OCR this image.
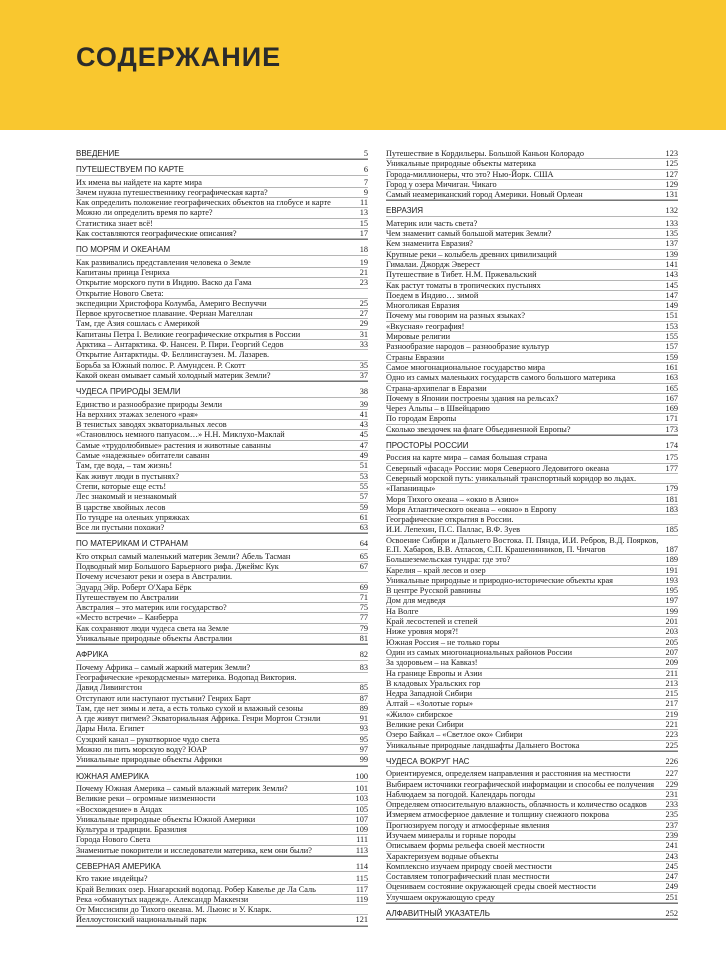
СОДЕРЖАНИЕ
ВВЕДЕНИЕ	5
ПУТЕШЕСТВУЕМ ПО КАРТЕ	6
Их имена вы найдете на карте мира	7
Зачем нужна путешественнику географическая карта?	9
Как определить положение географических объектов на глобусе и карте	11
Можно ли определить время по карте?	13
Статистика знает всё!	15
Как составляются географические описания?	17
ПО МОРЯМ И ОКЕАНАМ	18
Как развивались представления человека о Земле	19
Капитаны принца Генриха	21
Открытие морского пути в Индию. Васко да Гама	23
Открытие Нового Света:
экспедиции Христофора Колумба, Америго Веспуччи	25
Первое кругосветное плавание. Фернан Магеллан	27
Там, где Азия сошлась с Америкой	29
Капитаны Петра I. Великие географические открытия в России	31
Арктика – Антарктика. Ф. Нансен. Р. Пири. Георгий Седов	33
Открытие Антарктиды. Ф. Беллинсгаузен. М. Лазарев.
Борьба за Южный полюс. Р. Амундсен. Р. Скотт	35
Какой океан омывает самый холодный материк Земли?	37
ЧУДЕСА ПРИРОДЫ ЗЕМЛИ	38
Единство и разнообразие природы Земли	39
На верхних этажах зеленого «рая»	41
В тенистых заводях экваториальных лесов	43
«Становлюсь немного папуасом…» Н.Н. Миклухо-Маклай	45
Самые «трудолюбивые» растения и животные саванны	47
Самые «надежные» обитатели саванн	49
Там, где вода, – там жизнь!	51
Как живут люди в пустынях?	53
Степи, которые еще есть!	55
Лес знакомый и незнакомый	57
В царстве хвойных лесов	59
По тундре на оленьих упряжках	61
Все ли пустыни похожи?	63
ПО МАТЕРИКАМ И СТРАНАМ	64
Кто открыл самый маленький материк Земли? Абель Тасман	65
Подводный мир Большого Барьерного рифа. Джеймс Кук	67
Почему исчезают реки и озера в Австралии.
Эдуард Эйр. Роберт О'Хара Бёрк	69
Путешествуем по Австралии	71
Австралия – это материк или государство?	75
«Место встречи» – Канберра	77
Как сохраняют люди чудеса света на Земле	79
Уникальные природные объекты Австралии	81
АФРИКА	82
Почему Африка – самый жаркий материк Земли?	83
Географические «рекордсмены» материка. Водопад Виктория.
Давид Ливингстон	85
Отступают или наступают пустыни? Генрих Барт	87
Там, где нет зимы и лета, а есть только сухой и влажный сезоны	89
А где живут пигмеи? Экваториальная Африка. Генри Мортон Стэнли	91
Дары Нила. Египет	93
Суэцкий канал – рукотворное чудо света	95
Можно ли пить морскую воду? ЮАР	97
Уникальные природные объекты Африки	99
ЮЖНАЯ АМЕРИКА	100
Почему Южная Америка – самый влажный материк Земли?	101
Великие реки – огромные низменности	103
«Восхождение» в Андах	105
Уникальные природные объекты Южной Америки	107
Культура и традиции. Бразилия	109
Города Нового Света	111
Знаменитые покорители и исследователи материка, кем они были?	113
СЕВЕРНАЯ АМЕРИКА	114
Кто такие индейцы?	115
Край Великих озер. Ниагарский водопад. Робер Кавелье де Ла Саль	117
Река «обманутых надежд». Александр Маккензи	119
От Миссисипи до Тихого океана. М. Льюис и У. Кларк.
Йеллоустонский национальный парк	121
Путешествие в Кордильеры. Большой Каньон Колорадо	123
Уникальные природные объекты материка	125
Города-миллионеры, что это? Нью-Йорк. США	127
Город у озера Мичиган. Чикаго	129
Самый неамериканский город Америки. Новый Орлеан	131
ЕВРАЗИЯ	132
Материк или часть света?	133
Чем знаменит самый большой материк Земли?	135
Кем знаменита Евразия?	137
Крупные реки – колыбель древних цивилизаций	139
Гималаи. Джордж Эверест	141
Путешествие в Тибет. Н.М. Пржевальский	143
Как растут томаты в тропических пустынях	145
Поедем в Индию… зимой	147
Многоликая Евразия	149
Почему мы говорим на разных языках?	151
«Вкусная» география!	153
Мировые религии	155
Разнообразие народов – разнообразие культур	157
Страны Евразии	159
Самое многонациональное государство мира	161
Одно из самых маленьких государств самого большого материка	163
Страна-архипелаг в Евразии	165
Почему в Японии построены здания на рельсах?	167
Через Альпы – в Швейцарию	169
По городам Европы	171
Сколько звездочек на флаге Объединенной Европы?	173
ПРОСТОРЫ РОССИИ	174
Россия на карте мира – самая большая страна	175
Северный «фасад» России: моря Северного Ледовитого океана	177
Северный морской путь: уникальный транспортный коридор во льдах.
«Папанинцы»	179
Моря Тихого океана – «окно в Азию»	181
Моря Атлантического океана – «окно» в Европу	183
Географические открытия в России.
И.И. Лепехин, П.С. Паллас, В.Ф. Зуев	185
Освоение Сибири и Дальнего Востока. П. Пянда, И.И. Ребров, В.Д. Поярков, Е.П. Хабаров, В.В. Атласов, С.П. Крашенинников, П. Чичагов	187
Большеземельская тундра: где это?	189
Карелия – край лесов и озер	191
Уникальные природные и природно-исторические объекты края	193
В центре Русской равнины	195
Дом для медведя	197
На Волге	199
Край лесостепей и степей	201
Ниже уровня моря?!	203
Южная Россия – не только горы	205
Один из самых многонациональных районов России	207
За здоровьем – на Кавказ!	209
На границе Европы и Азии	211
В кладовых Уральских гор	213
Недра Западной Сибири	215
Алтай – «Золотые горы»	217
«Жило» сибирское	219
Великие реки Сибири	221
Озеро Байкал – «Светлое око» Сибири	223
Уникальные природные ландшафты Дальнего Востока	225
ЧУДЕСА ВОКРУГ НАС	226
Ориентируемся, определяем направления и расстояния на местности	227
Выбираем источники географической информации и способы ее получения	229
Наблюдаем за погодой. Календарь погоды	231
Определяем относительную влажность, облачность и количество осадков	233
Измеряем атмосферное давление и толщину снежного покрова	235
Прогнозируем погоду и атмосферные явления	237
Изучаем минералы и горные породы	239
Описываем формы рельефа своей местности	241
Характеризуем водные объекты	243
Комплексно изучаем природу своей местности	245
Составляем топографический план местности	247
Оцениваем состояние окружающей среды своей местности	249
Улучшаем окружающую среду	251
АЛФАВИТНЫЙ УКАЗАТЕЛЬ	252
